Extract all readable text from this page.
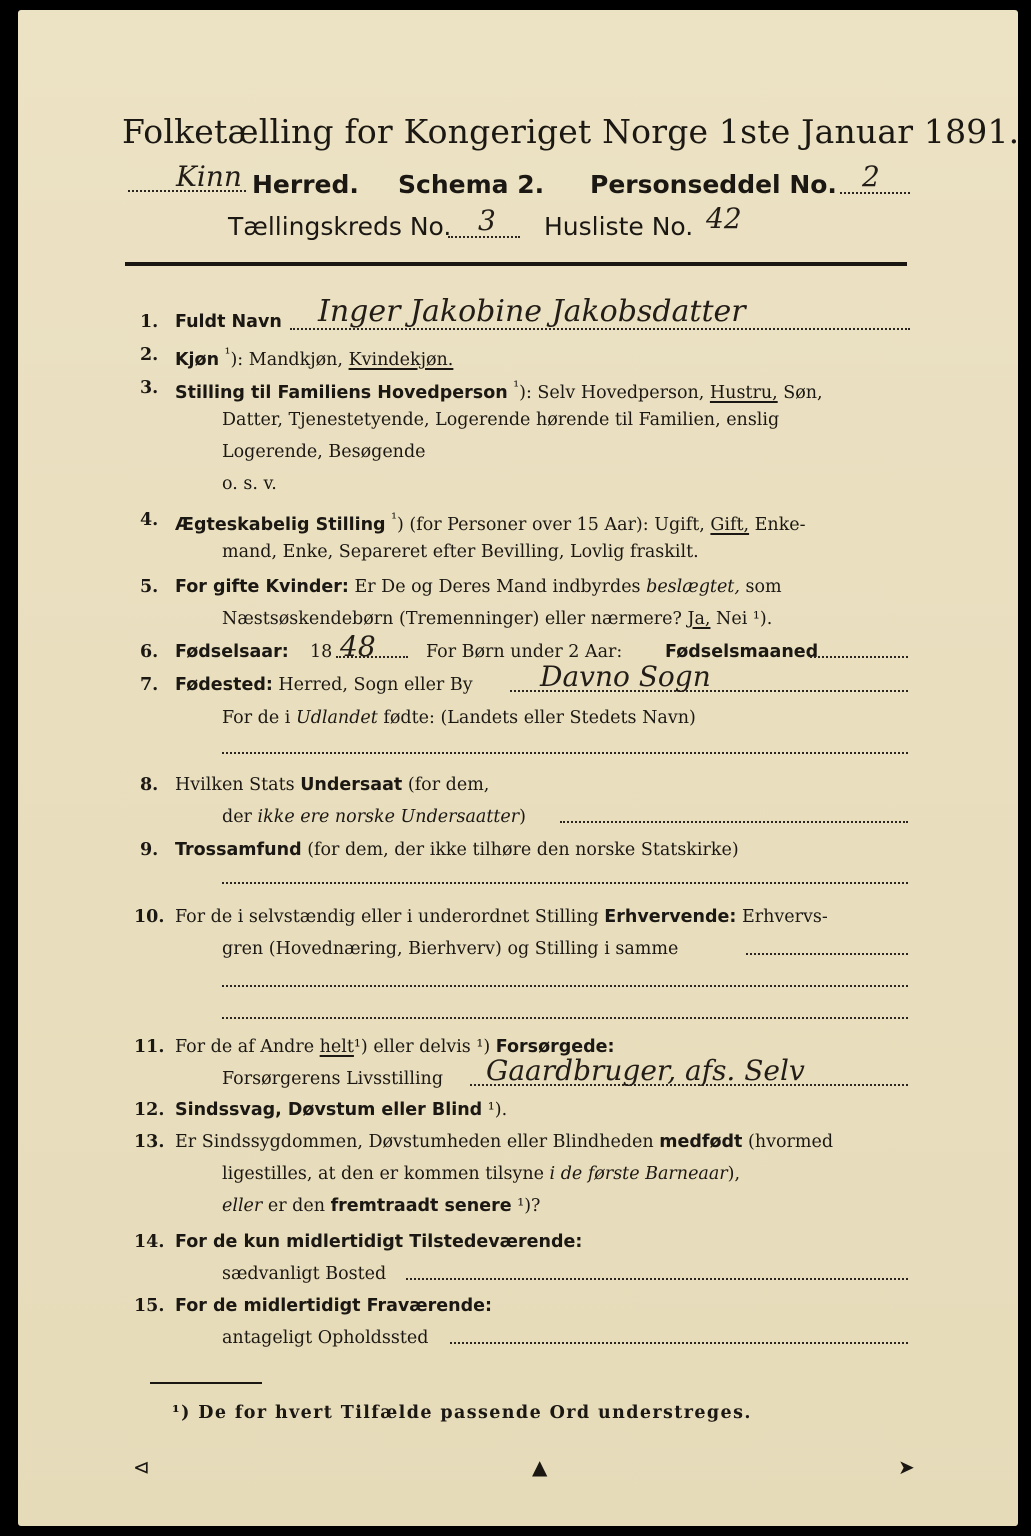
Folketælling for Kongeriget Norge 1ste Januar 1891.
Kinn Herred. Schema 2. Personseddel No. 2
Tællingskreds No. 3 Husliste No. 42
1. Fuldt Navn Inger Jakobine Jakobsdatter
2. Kjøn $^{^1}$): Mandkjøn, Kvindekjøn.
3. Stilling til Familiens Hovedperson $^{^1}$): Selv Hovedperson, Hustru, Søn,
Datter, Tjenestetyende, Logerende hørende til Familien, enslig
Logerende, Besøgende
o. s. v.
4. Ægteskabelig Stilling $^{^1}$) (for Personer over 15 Aar): Ugift, Gift, Enke-
mand, Enke, Separeret efter Bevilling, Lovlig fraskilt.
5. For gifte Kvinder: Er De og Deres Mand indbyrdes beslægtet, som
Næstsøskendebørn (Tremenninger) eller nærmere? Ja, Nei ¹).
6. Fødselsaar: 18 48	For Børn under 2 Aar: Fødselsmaaned
7. Fødested: Herred, Sogn eller By Davno Sogn
For de i Udlandet fødte: (Landets eller Stedets Navn)
8. Hvilken Stats Undersaat (for dem,
der ikke ere norske Undersaatter)
9. Trossamfund (for dem, der ikke tilhøre den norske Statskirke)
10. For de i selvstændig eller i underordnet Stilling Erhvervende: Erhvervs-
gren (Hovednæring, Bierhverv) og Stilling i samme
11. For de af Andre helt¹) eller delvis ¹) Forsørgede:
Forsørgerens Livsstilling Gaardbruger, afs. Selv
12. Sindssvag, Døvstum eller Blind ¹).
13. Er Sindssygdommen, Døvstumheden eller Blindheden medfødt (hvormed
ligestilles, at den er kommen tilsyne i de første Barneaar),
eller er den fremtraadt senere ¹)?
14. For de kun midlertidigt Tilstedeværende:
sædvanligt Bosted
15. For de midlertidigt Fraværende:
antageligt Opholdssted
¹) De for hvert Tilfælde passende Ord understreges.
⊲	▲	➤
